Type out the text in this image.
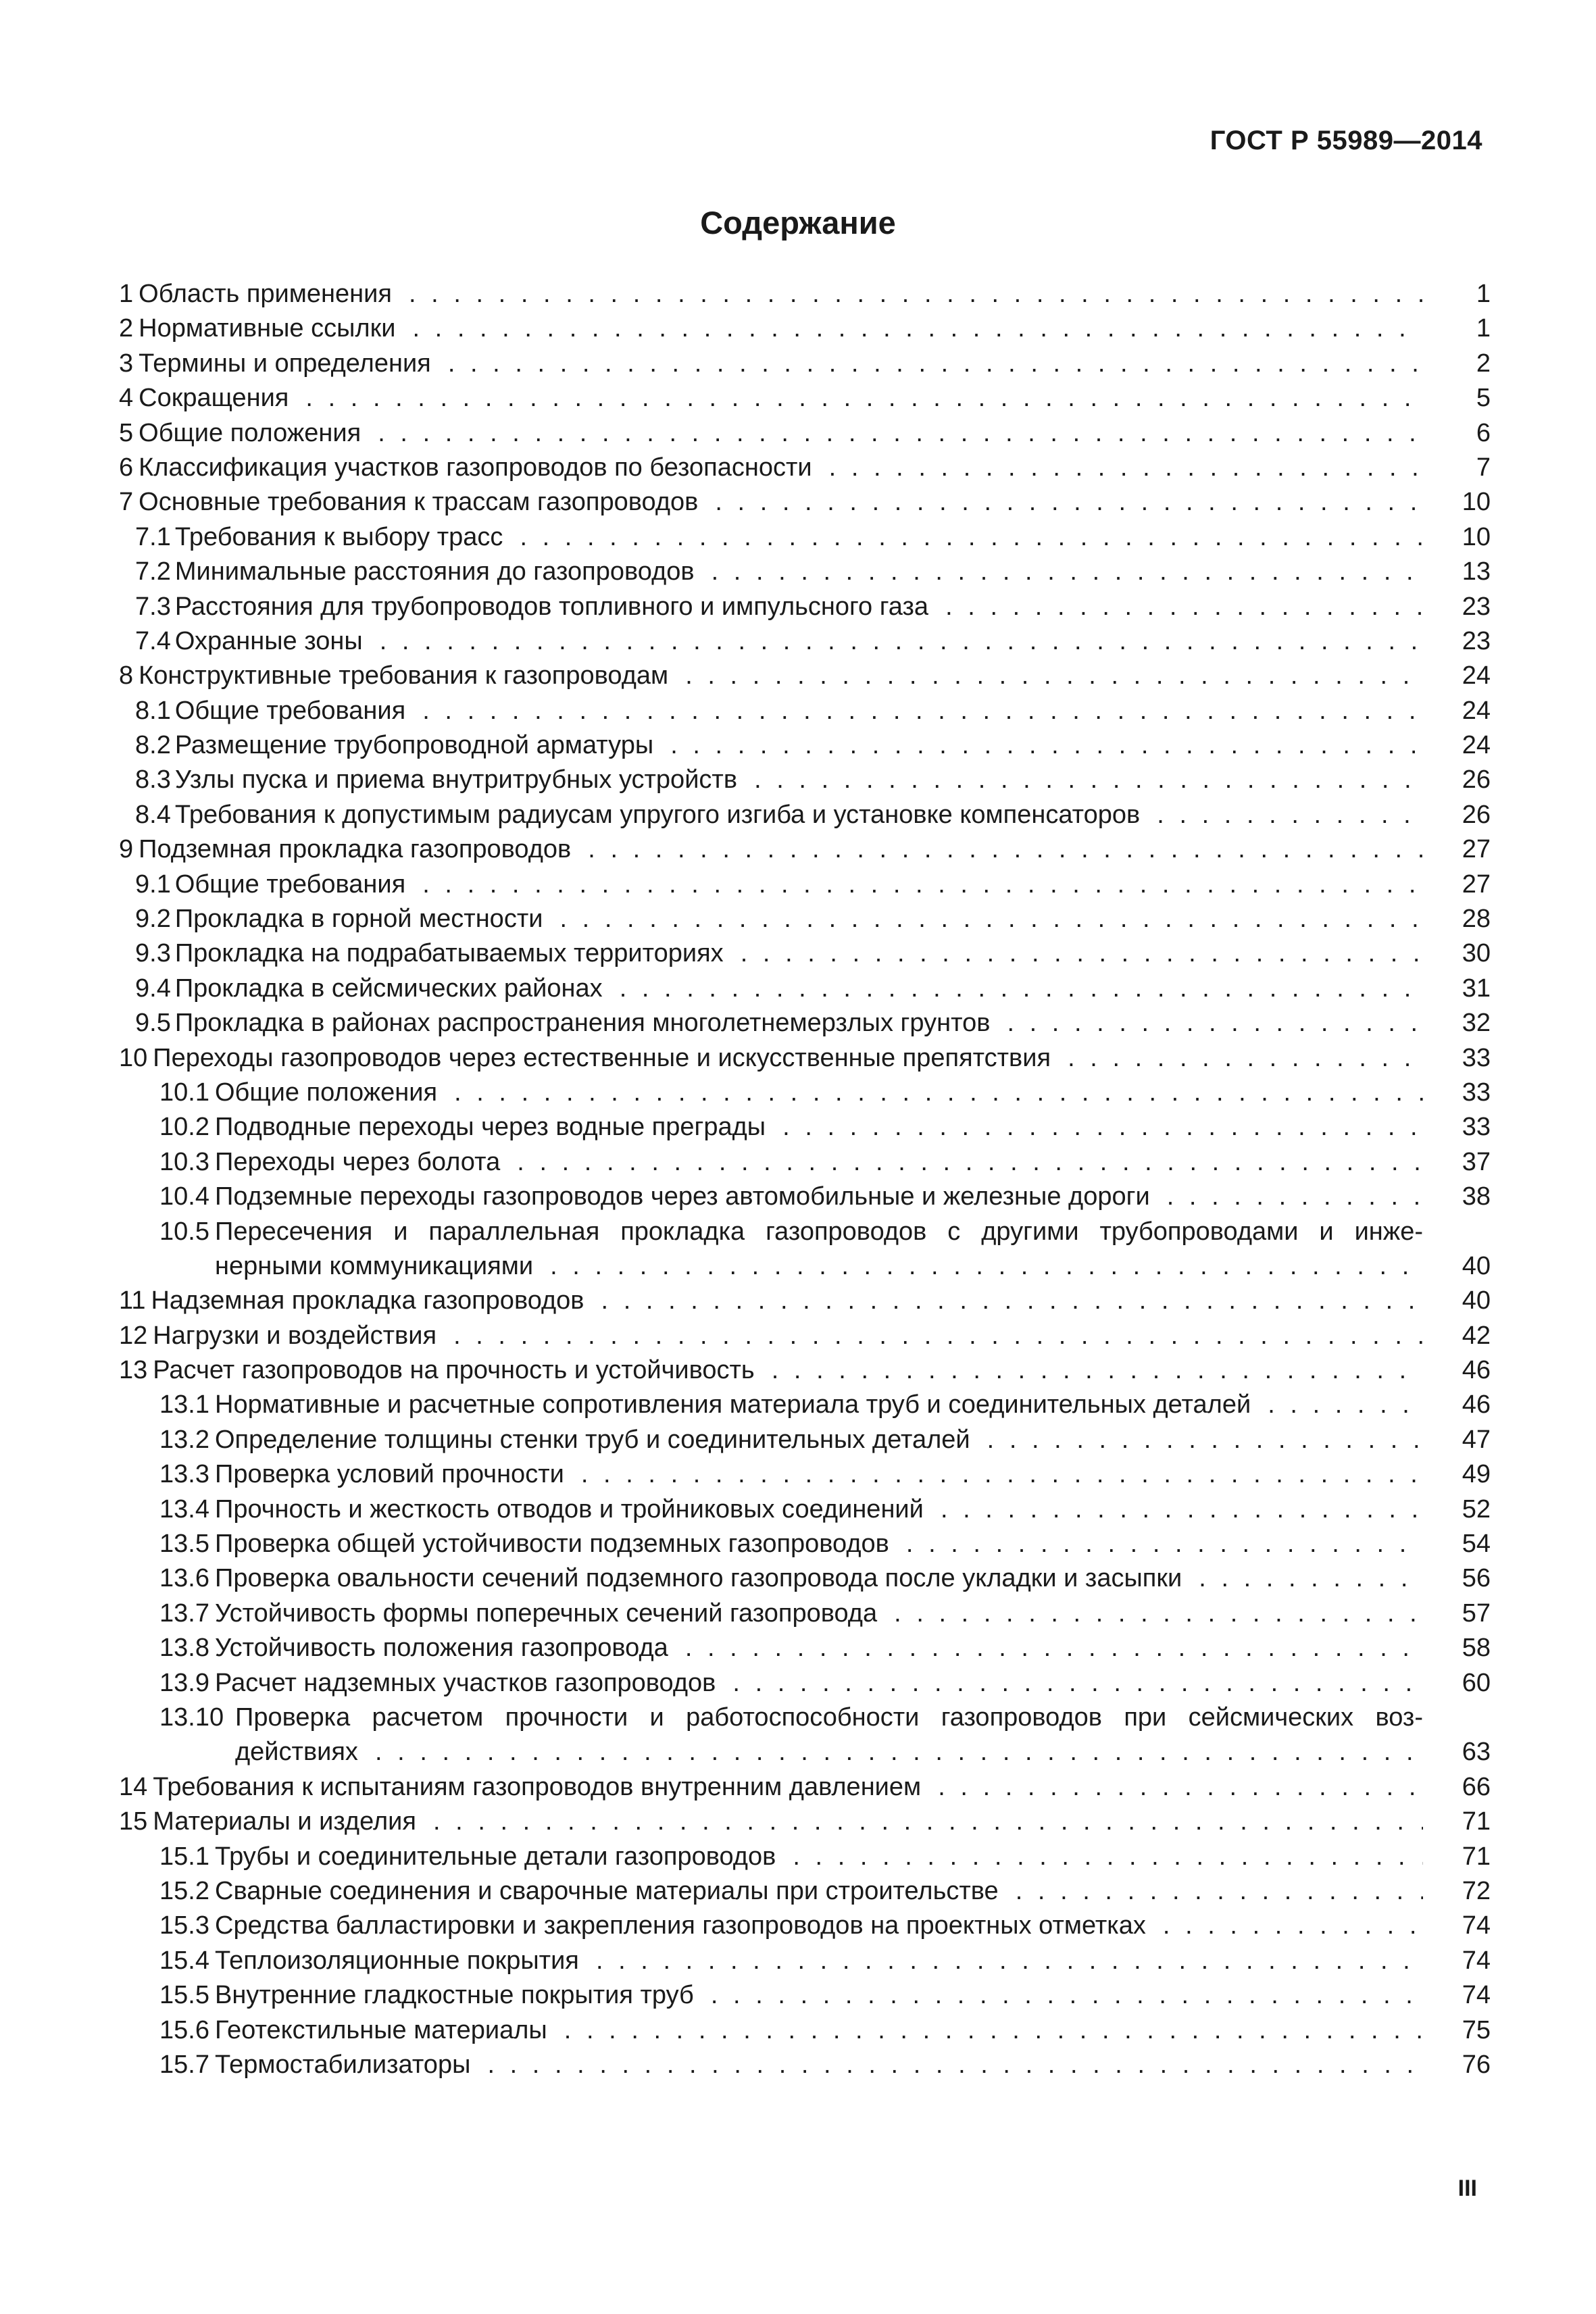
ГОСТ Р 55989—2014
Содержание
1 Область применения . .	1
2 Нормативные ссылки . .	1
3 Термины и определения . .	2
4 Сокращения . .	5
5 Общие положения . .	6
6 Классификация участков газопроводов по безопасности . .	7
7 Основные требования к трассам газопроводов . .	10
7.1 Требования к выбору трасс . .	10
7.2 Минимальные расстояния до газопроводов . .	13
7.3 Расстояния для трубопроводов топливного и импульсного газа . .	23
7.4 Охранные зоны . .	23
8 Конструктивные требования к газопроводам . .	24
8.1 Общие требования . .	24
8.2 Размещение трубопроводной арматуры . .	24
8.3 Узлы пуска и приема внутритрубных устройств . .	26
8.4 Требования к допустимым радиусам упругого изгиба и установке компенсаторов . .	26
9 Подземная прокладка газопроводов . .	27
9.1 Общие требования . .	27
9.2 Прокладка в горной местности . .	28
9.3 Прокладка на подрабатываемых территориях . .	30
9.4 Прокладка в сейсмических районах . .	31
9.5 Прокладка в районах распространения многолетнемерзлых грунтов . .	32
10 Переходы газопроводов через естественные и искусственные препятствия . .	33
10.1 Общие положения . .	33
10.2 Подводные переходы через водные преграды . .	33
10.3 Переходы через болота . .	37
10.4 Подземные переходы газопроводов через автомобильные и железные дороги . .	38
10.5 Пересечения и параллельная прокладка газопроводов с другими трубопроводами и инже-
нерными коммуникациями . .	40
11 Надземная прокладка газопроводов . .	40
12 Нагрузки и воздействия . .	42
13 Расчет газопроводов на прочность и устойчивость . .	46
13.1 Нормативные и расчетные сопротивления материала труб и соединительных деталей . .	46
13.2 Определение толщины стенки труб и соединительных деталей . .	47
13.3 Проверка условий прочности . .	49
13.4 Прочность и жесткость отводов и тройниковых соединений . .	52
13.5 Проверка общей устойчивости подземных газопроводов . .	54
13.6 Проверка овальности сечений подземного газопровода после укладки и засыпки . .	56
13.7 Устойчивость формы поперечных сечений газопровода . .	57
13.8 Устойчивость положения газопровода . .	58
13.9 Расчет надземных участков газопроводов . .	60
13.10 Проверка расчетом прочности и работоспособности газопроводов при сейсмических воз-
действиях . .	63
14 Требования к испытаниям газопроводов внутренним давлением . .	66
15 Материалы и изделия . .	71
15.1 Трубы и соединительные детали газопроводов . .	71
15.2 Сварные соединения и сварочные материалы при строительстве . .	72
15.3 Средства балластировки и закрепления газопроводов на проектных отметках . .	74
15.4 Теплоизоляционные покрытия . .	74
15.5 Внутренние гладкостные покрытия труб . .	74
15.6 Геотекстильные материалы . .	75
15.7 Термостабилизаторы . .	76
III
